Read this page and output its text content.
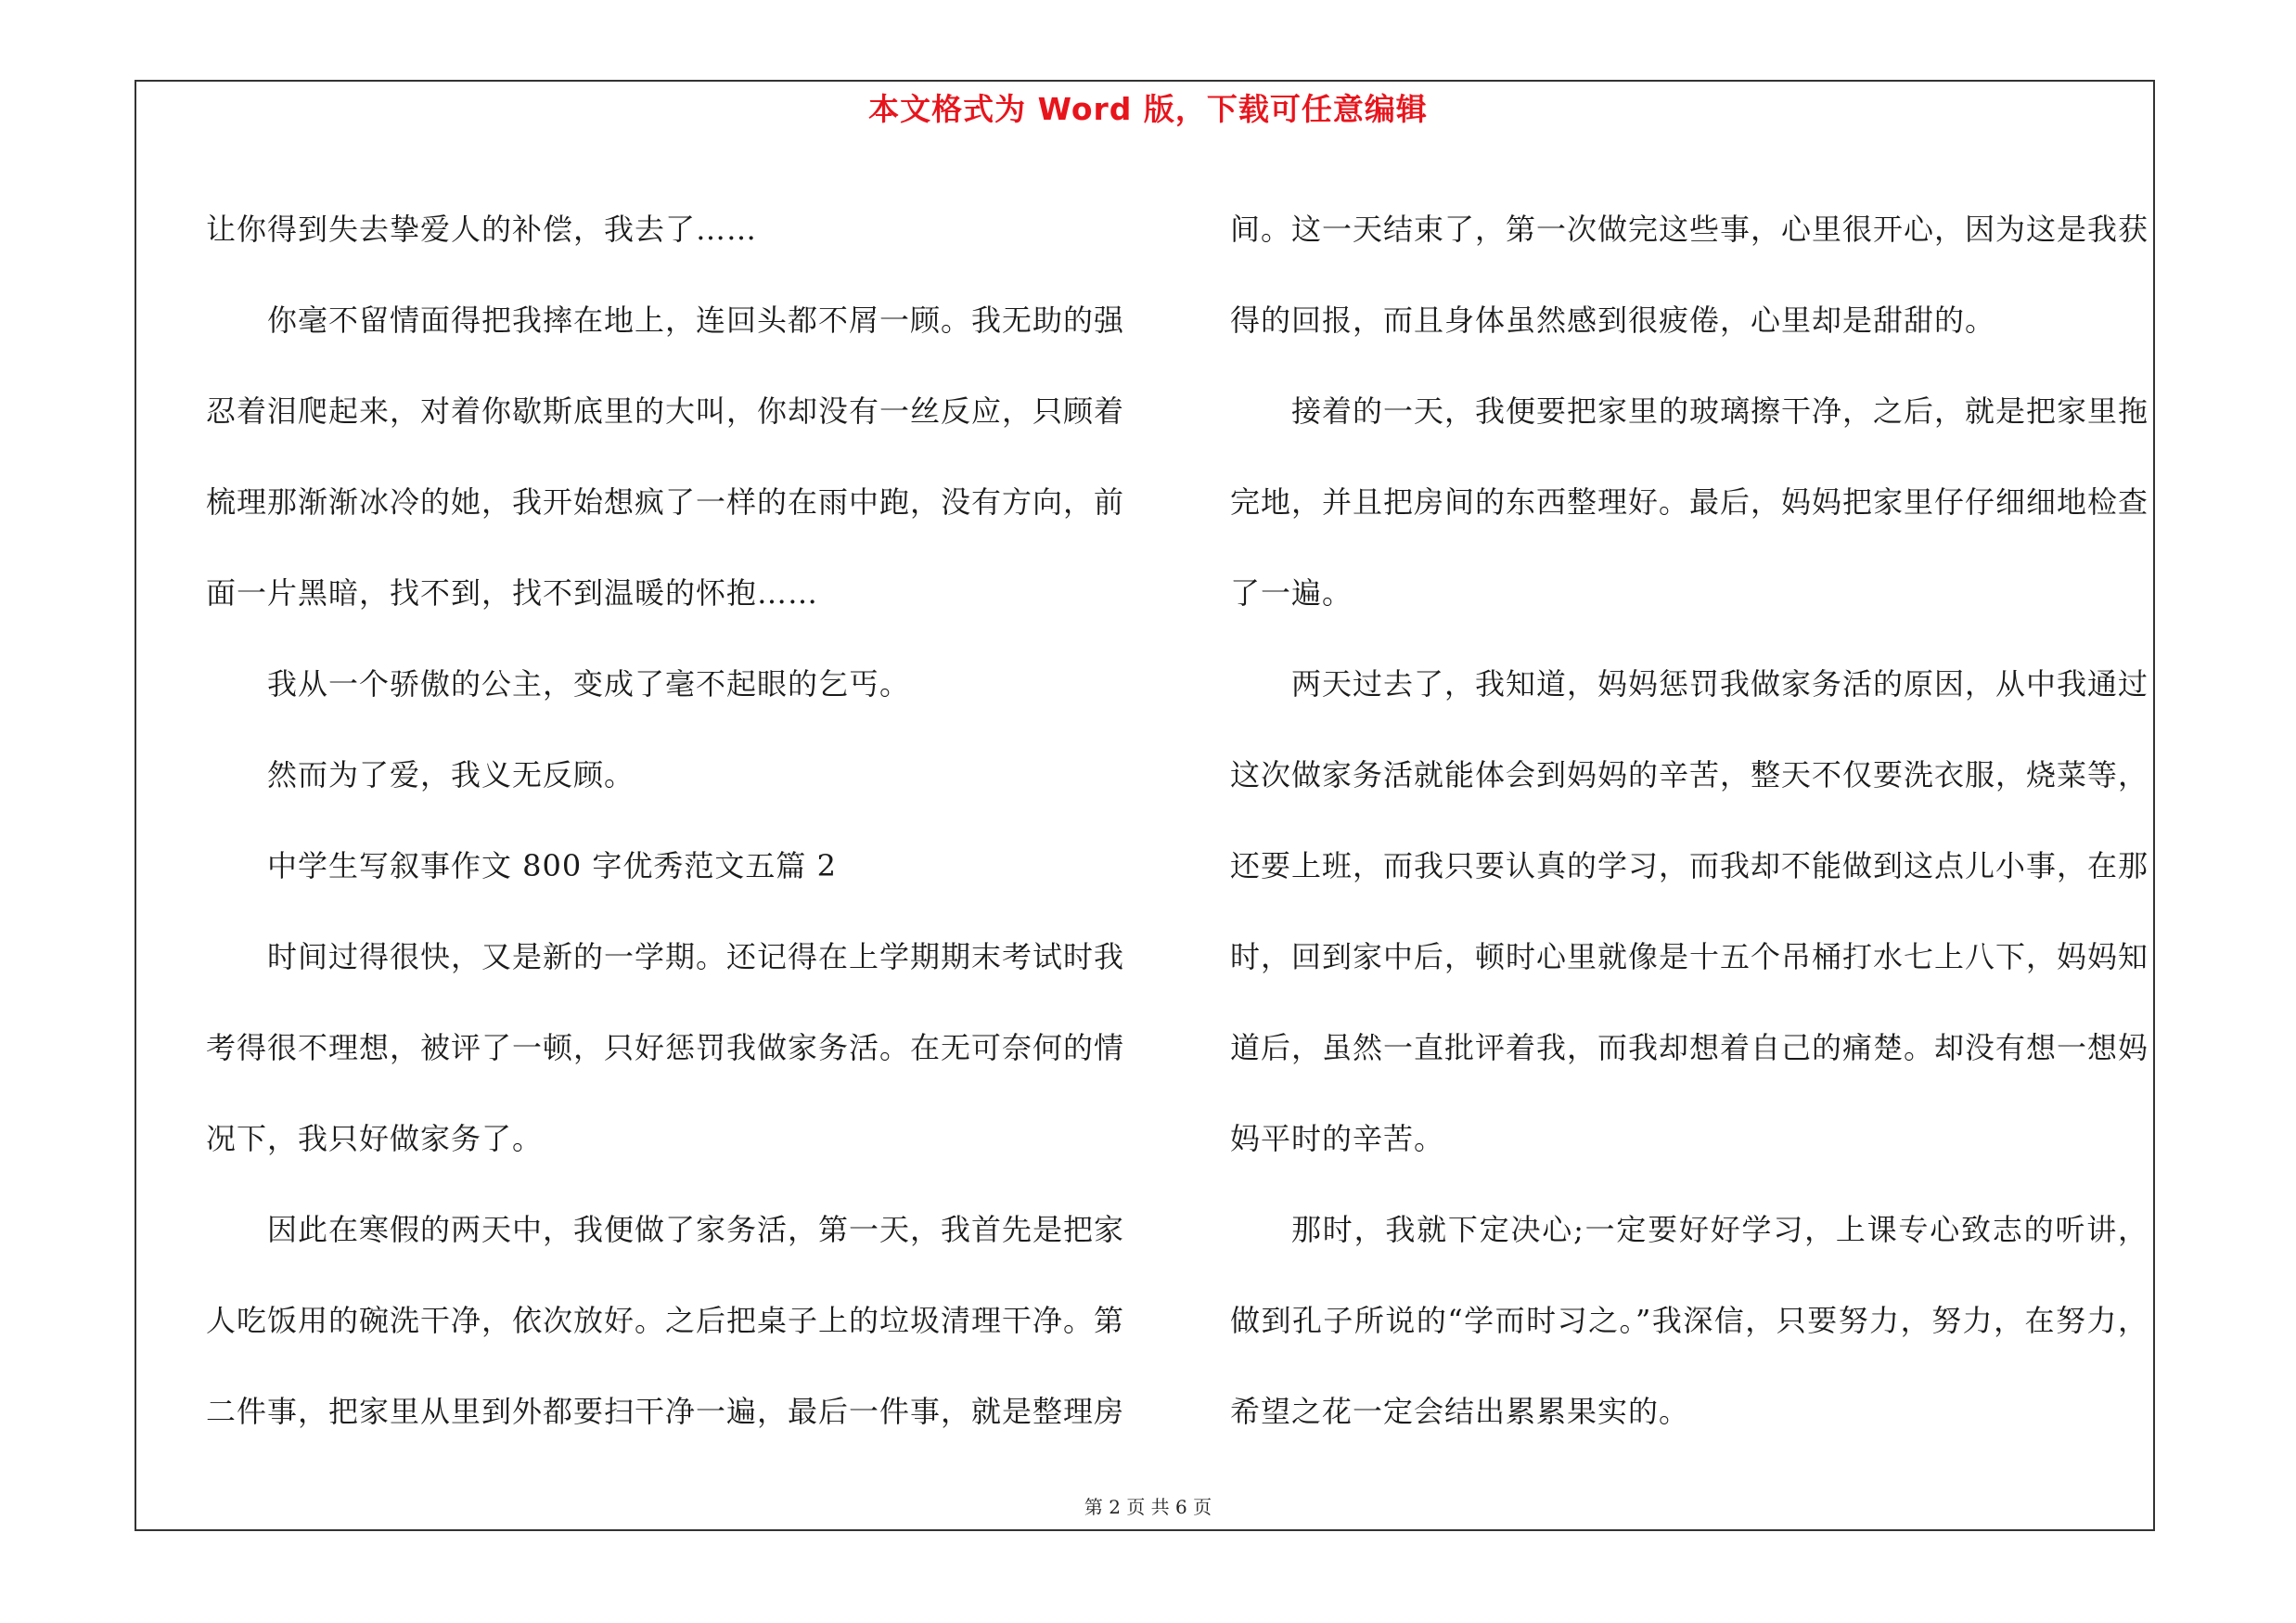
本文格式为 Word 版，下载可任意编辑

让你得到失去挚爱人的补偿，我去了……

你毫不留情面得把我摔在地上，连回头都不屑一顾。我无助的强忍着泪爬起来，对着你歇斯底里的大叫，你却没有一丝反应，只顾着梳理那渐渐冰冷的她，我开始想疯了一样的在雨中跑，没有方向，前面一片黑暗，找不到，找不到温暖的怀抱……

我从一个骄傲的公主，变成了毫不起眼的乞丐。

然而为了爱，我义无反顾。

中学生写叙事作文 800 字优秀范文五篇 2

时间过得很快，又是新的一学期。还记得在上学期期末考试时我考得很不理想，被评了一顿，只好惩罚我做家务活。在无可奈何的情况下，我只好做家务了。

因此在寒假的两天中，我便做了家务活，第一天，我首先是把家人吃饭用的碗洗干净，依次放好。之后把桌子上的垃圾清理干净。第二件事，把家里从里到外都要扫干净一遍，最后一件事，就是整理房

间。这一天结束了，第一次做完这些事，心里很开心，因为这是我获得的回报，而且身体虽然感到很疲倦，心里却是甜甜的。

接着的一天，我便要把家里的玻璃擦干净，之后，就是把家里拖完地，并且把房间的东西整理好。最后，妈妈把家里仔仔细细地检查了一遍。

两天过去了，我知道，妈妈惩罚我做家务活的原因，从中我通过这次做家务活就能体会到妈妈的辛苦，整天不仅要洗衣服，烧菜等，还要上班，而我只要认真的学习，而我却不能做到这点儿小事，在那时，回到家中后，顿时心里就像是十五个吊桶打水七上八下，妈妈知道后，虽然一直批评着我，而我却想着自己的痛楚。却没有想一想妈妈平时的辛苦。

那时，我就下定决心;一定要好好学习，上课专心致志的听讲，做到孔子所说的“学而时习之。”我深信，只要努力，努力，在努力，希望之花一定会结出累累果实的。

第 2 页 共 6 页
